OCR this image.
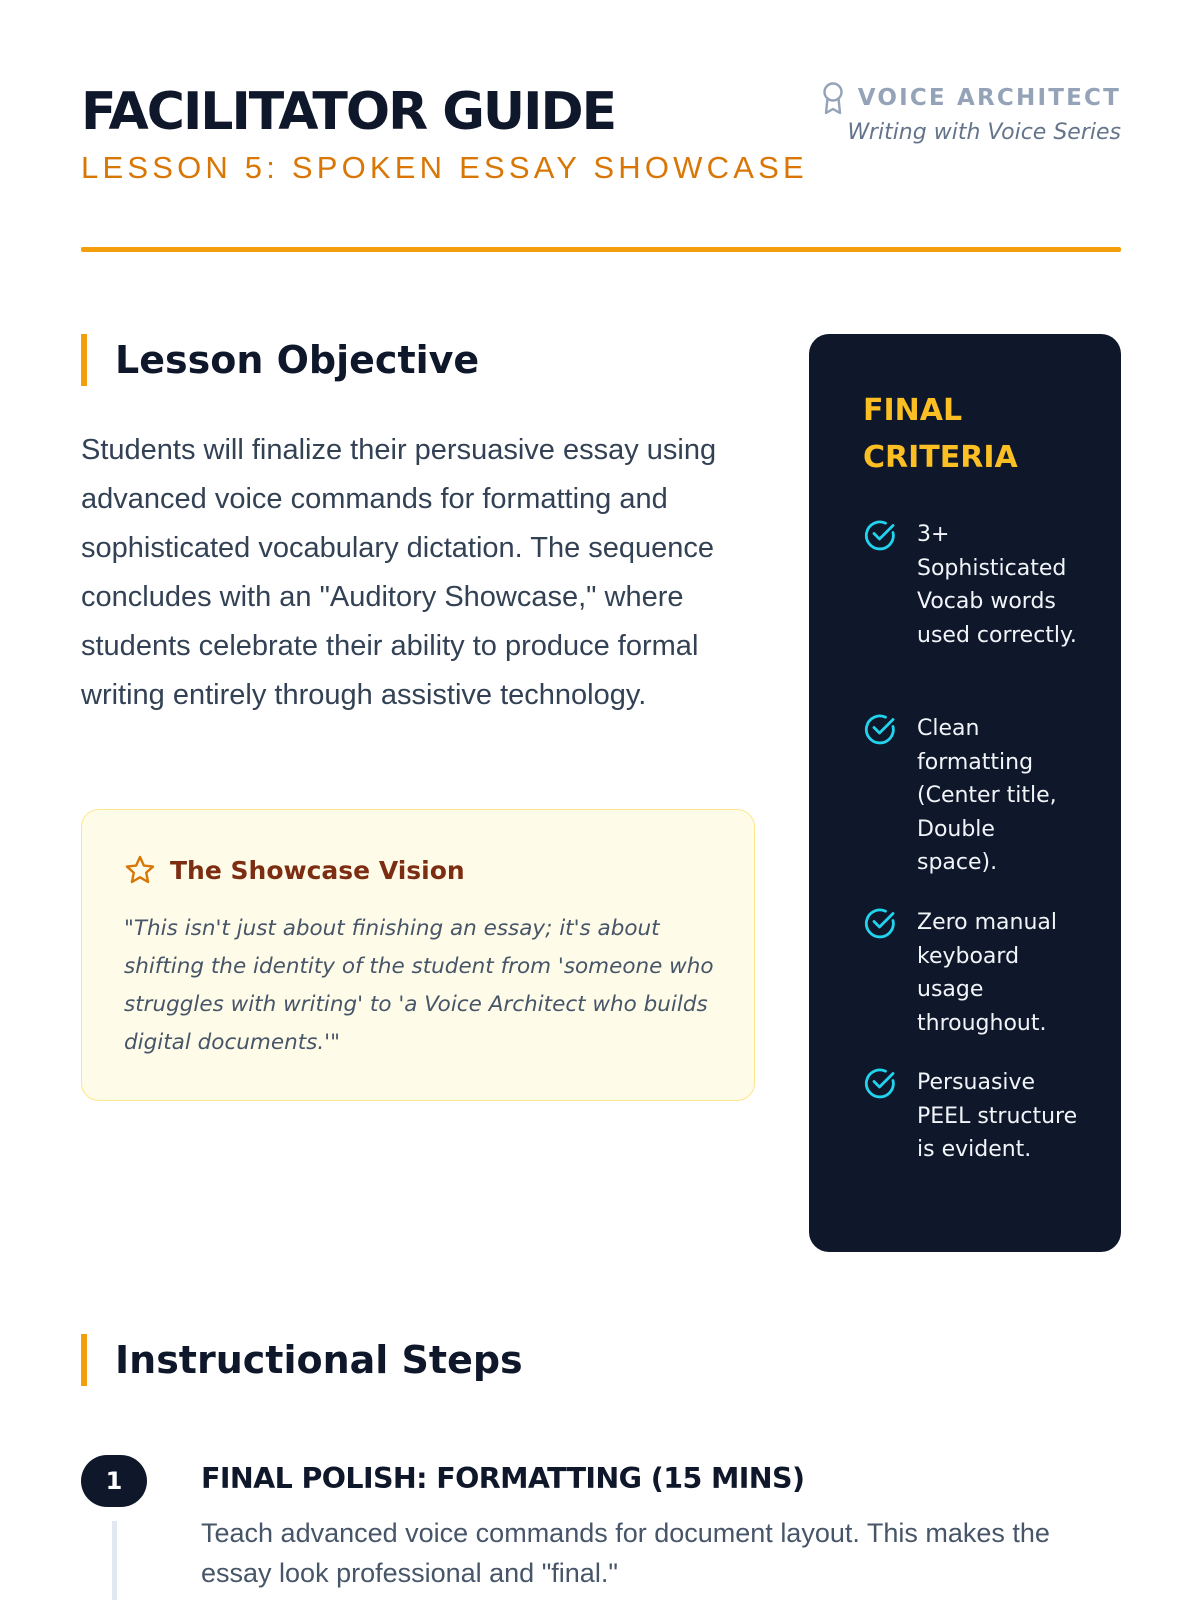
FACILITATOR GUIDE
LESSON 5: SPOKEN ESSAY SHOWCASE
VOICE ARCHITECT
Writing with Voice Series
Lesson Objective

Students will finalize their persuasive essay using advanced voice commands for formatting and sophisticated vocabulary dictation. The sequence concludes with an "Auditory Showcase," where students celebrate their ability to produce formal writing entirely through assistive technology.

The Showcase Vision

"This isn't just about finishing an essay; it's about shifting the identity of the student from 'someone who struggles with writing' to 'a Voice Architect who builds digital documents.'"

FINAL CRITERIA
3+ Sophisticated Vocab words used correctly.
Clean formatting (Center title, Double space).
Zero manual keyboard usage throughout.
Persuasive PEEL structure is evident.
Instructional Steps
1	FINAL POLISH: FORMATTING (15 MINS)

Teach advanced voice commands for document layout. This makes the essay look professional and "final."
